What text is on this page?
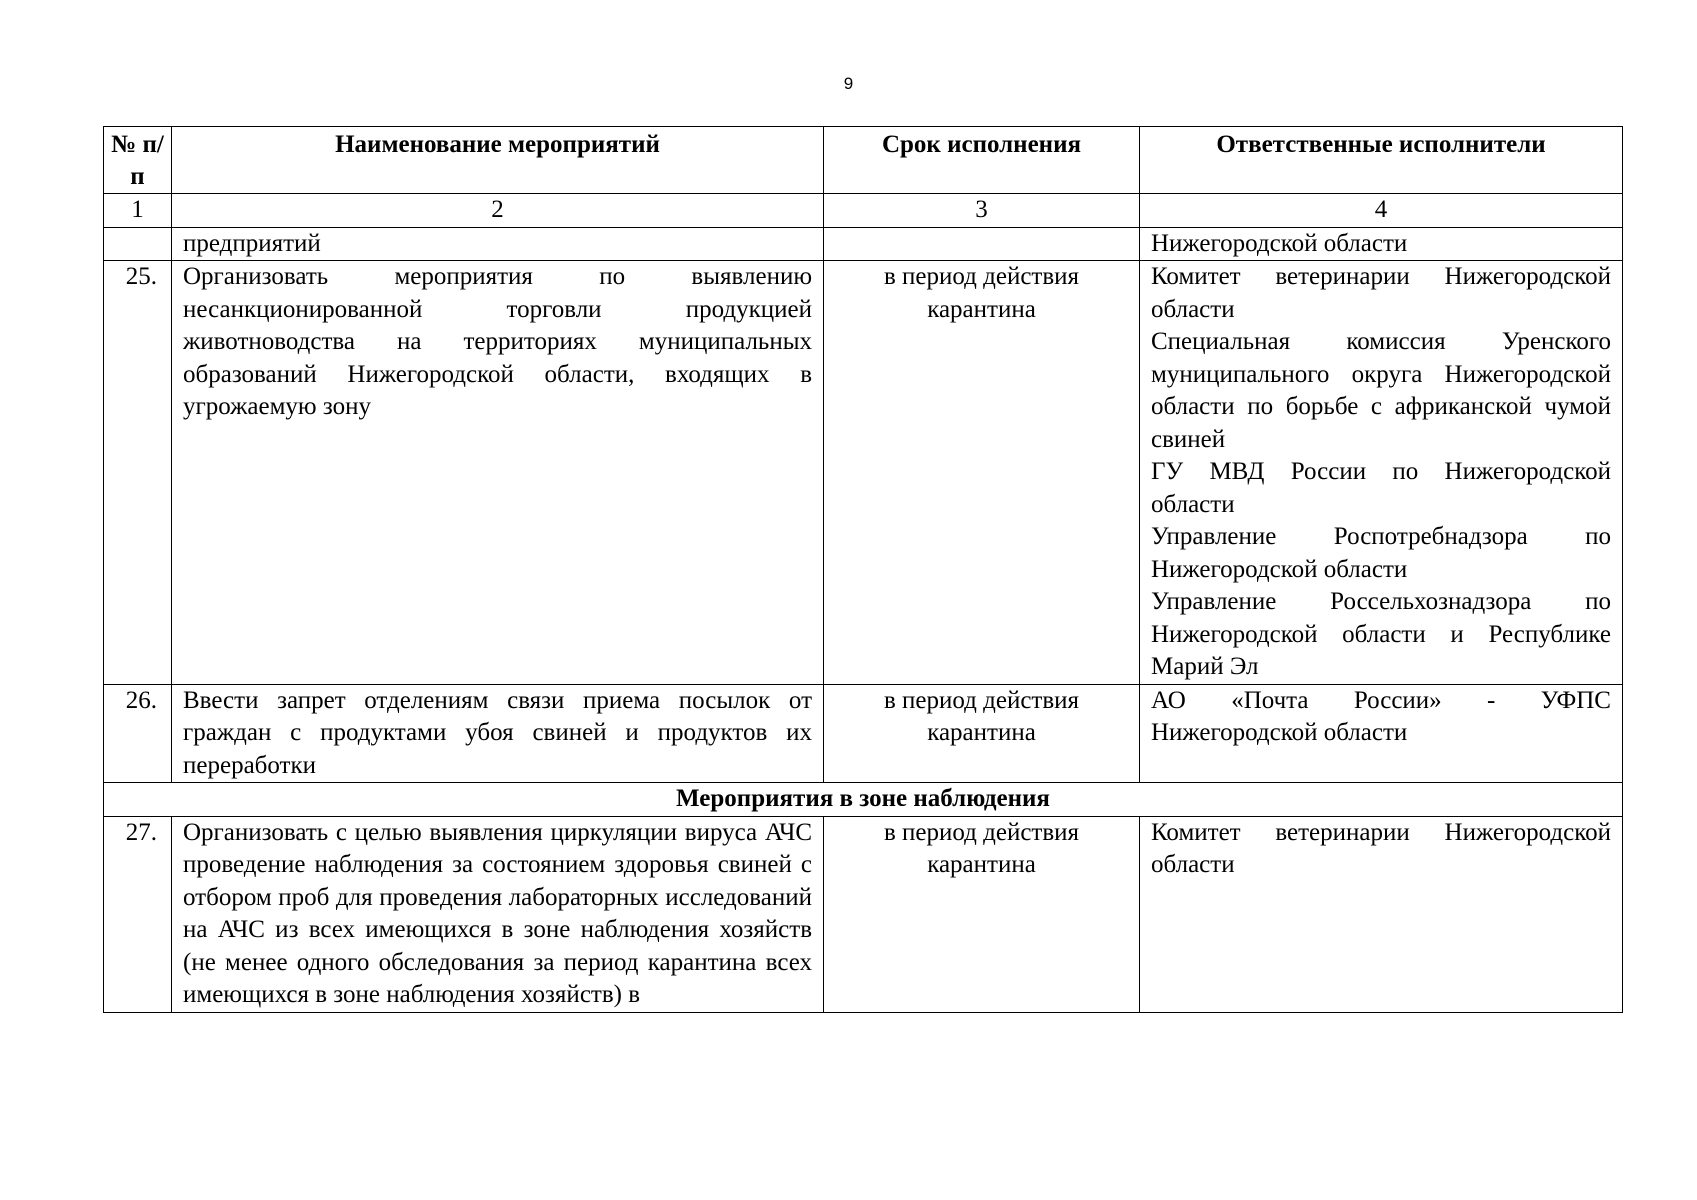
9
№ п/п	Наименование мероприятий	Срок исполнения	Ответственные исполнители
1	2	3	4
	предприятий		Нижегородской области
25.	Организовать мероприятия по выявлению несанкционированной торговли продукцией животноводства на территориях муниципальных образований Нижегородской области, входящих в угрожаемую зону	в период действия карантина	Комитет ветеринарии Нижегородской области
Специальная комиссия Уренского муниципального округа Нижегородской области по борьбе с африканской чумой свиней
ГУ МВД России по Нижегородской области
Управление Роспотребнадзора по Нижегородской области
Управление Россельхознадзора по Нижегородской области и Республике Марий Эл

26.	Ввести запрет отделениям связи приема посылок от граждан с продуктами убоя свиней и продуктов их переработки	в период действия карантина	АО «Почта России» - УФПС Нижегородской области

Мероприятия в зоне наблюдения			
27.	Организовать с целью выявления циркуляции вируса АЧС проведение наблюдения за состоянием здоровья свиней с отбором проб для проведения лабораторных исследований на АЧС из всех имеющихся в зоне наблюдения хозяйств (не менее одного обследования за период карантина всех имеющихся в зоне наблюдения хозяйств) в	в период действия карантина	Комитет ветеринарии Нижегородской области
